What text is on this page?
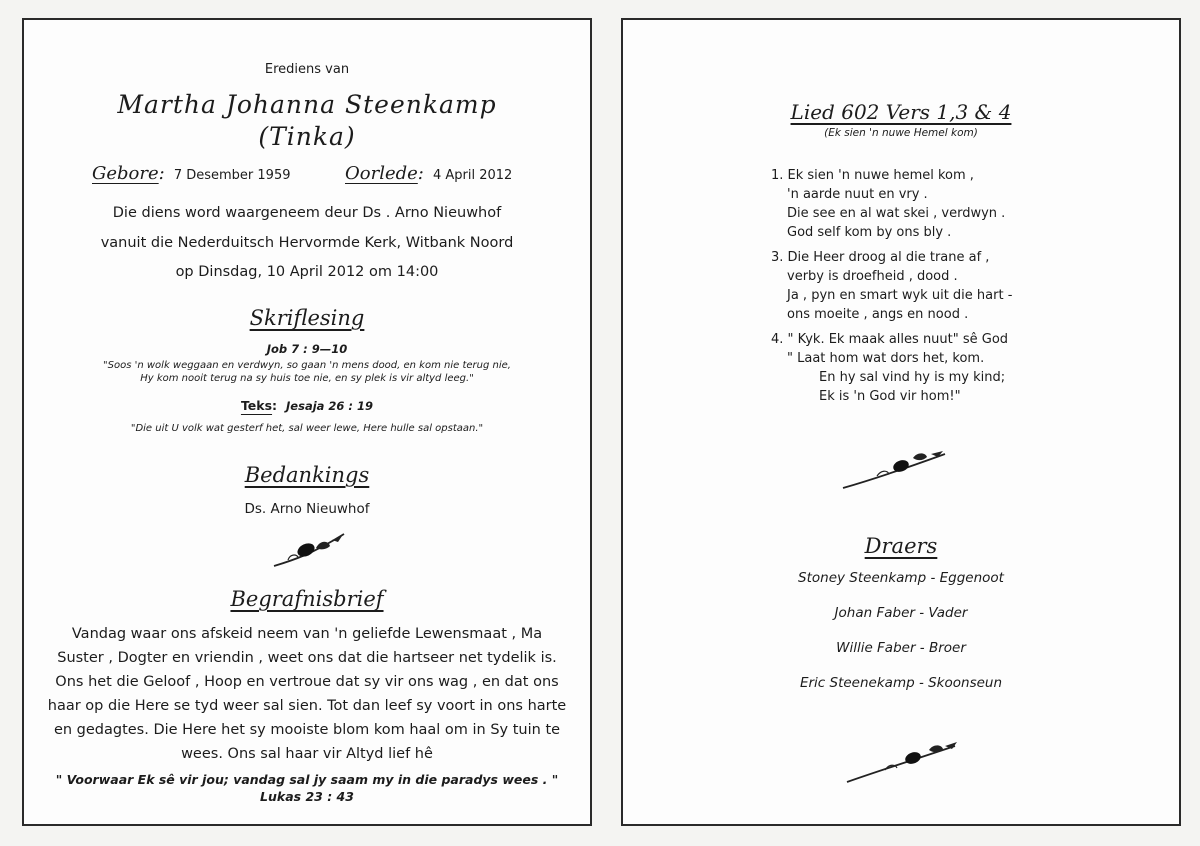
Erediens van
Martha Johanna Steenkamp
(Tinka)
Gebore: 7 Desember 1959	Oorlede: 4 April 2012
Die diens word waargeneem deur Ds . Arno Nieuwhof
vanuit die Nederduitsch Hervormde Kerk, Witbank Noord
op Dinsdag, 10 April 2012 om 14:00
Skriflesing
Job 7 : 9—10
"Soos 'n wolk weggaan en verdwyn, so gaan 'n mens dood, en kom nie terug nie,
Hy kom nooit terug na sy huis toe nie, en sy plek is vir altyd leeg."
Teks: Jesaja 26 : 19
"Die uit U volk wat gesterf het, sal weer lewe, Here hulle sal opstaan."
Bedankings
Ds. Arno Nieuwhof
Begrafnisbrief
Vandag waar ons afskeid neem van 'n geliefde Lewensmaat , Ma
Suster , Dogter en vriendin , weet ons dat die hartseer net tydelik is.
Ons het die Geloof , Hoop en vertroue dat sy vir ons wag , en dat ons
haar op die Here se tyd weer sal sien. Tot dan leef sy voort in ons harte
en gedagtes. Die Here het sy mooiste blom kom haal om in Sy tuin te
wees. Ons sal haar vir Altyd lief hê
" Voorwaar Ek sê vir jou; vandag sal jy saam my in die paradys wees . "
Lukas 23 : 43
Lied 602 Vers 1,3 & 4
(Ek sien 'n nuwe Hemel kom)
1. Ek sien 'n nuwe hemel kom ,
'n aarde nuut en vry .
Die see en al wat skei , verdwyn .
God self kom by ons bly .
3. Die Heer droog al die trane af ,
verby is droefheid , dood .
Ja , pyn en smart wyk uit die hart -
ons moeite , angs en nood .
4. " Kyk. Ek maak alles nuut" sê God
" Laat hom wat dors het, kom.
En hy sal vind hy is my kind;
Ek is 'n God vir hom!"
Draers
Stoney Steenkamp - Eggenoot
Johan Faber - Vader
Willie Faber - Broer
Eric Steenekamp - Skoonseun
